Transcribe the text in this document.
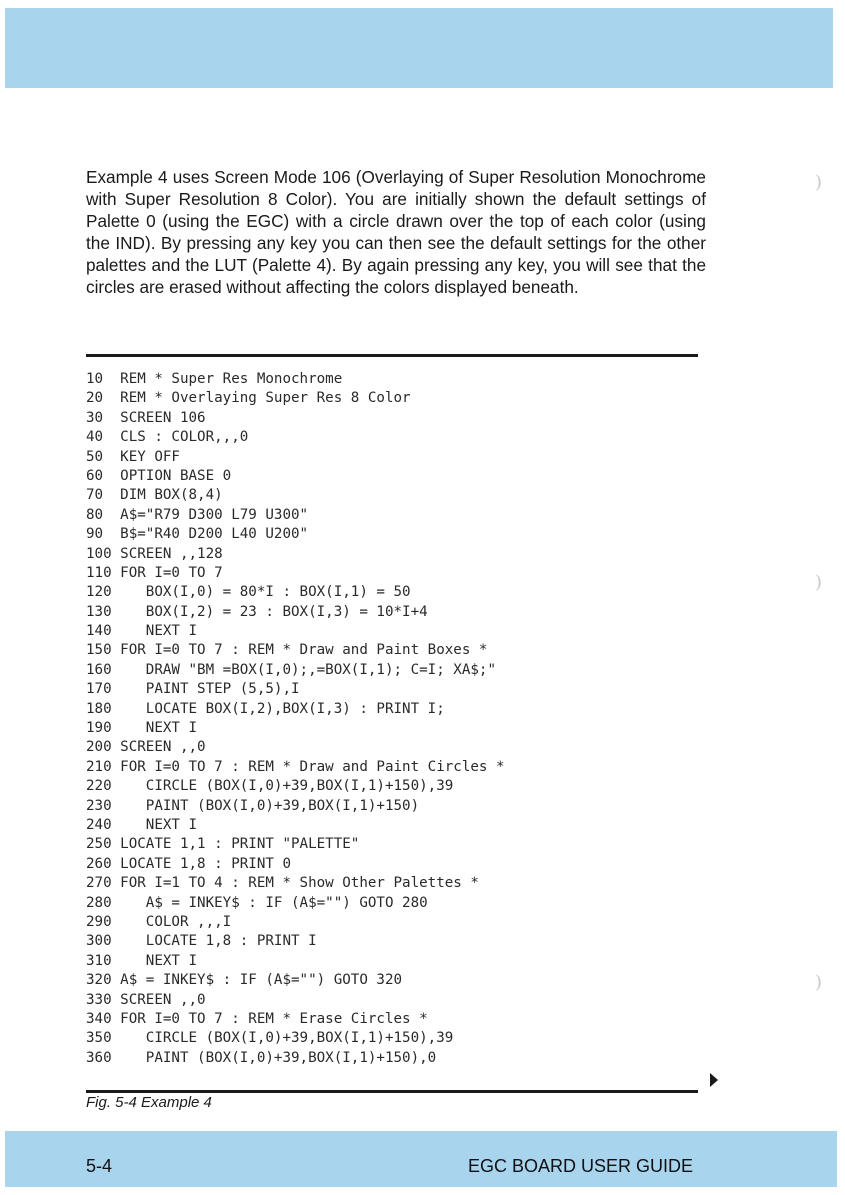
Example 4 uses Screen Mode 106 (Overlaying of Super Resolution Monochrome with Super Resolution 8 Color). You are initially shown the default settings of Palette 0 (using the EGC) with a circle drawn over the top of each color (using the IND). By pressing any key you can then see the default settings for the other palettes and the LUT (Palette 4). By again pressing any key, you will see that the circles are erased without affecting the colors displayed beneath.
10  REM * Super Res Monochrome
20  REM * Overlaying Super Res 8 Color
30  SCREEN 106
40  CLS : COLOR,,,0
50  KEY OFF
60  OPTION BASE 0
70  DIM BOX(8,4)
80  A$="R79 D300 L79 U300"
90  B$="R40 D200 L40 U200"
100 SCREEN ,,128
110 FOR I=0 TO 7
120    BOX(I,0) = 80*I : BOX(I,1) = 50
130    BOX(I,2) = 23 : BOX(I,3) = 10*I+4
140    NEXT I
150 FOR I=0 TO 7 : REM * Draw and Paint Boxes *
160    DRAW "BM =BOX(I,0);,=BOX(I,1); C=I; XA$;"
170    PAINT STEP (5,5),I
180    LOCATE BOX(I,2),BOX(I,3) : PRINT I;
190    NEXT I
200 SCREEN ,,0
210 FOR I=0 TO 7 : REM * Draw and Paint Circles *
220    CIRCLE (BOX(I,0)+39,BOX(I,1)+150),39
230    PAINT (BOX(I,0)+39,BOX(I,1)+150)
240    NEXT I
250 LOCATE 1,1 : PRINT "PALETTE"
260 LOCATE 1,8 : PRINT 0
270 FOR I=1 TO 4 : REM * Show Other Palettes *
280    A$ = INKEY$ : IF (A$="") GOTO 280
290    COLOR ,,,I
300    LOCATE 1,8 : PRINT I
310    NEXT I
320 A$ = INKEY$ : IF (A$="") GOTO 320
330 SCREEN ,,0
340 FOR I=0 TO 7 : REM * Erase Circles *
350    CIRCLE (BOX(I,0)+39,BOX(I,1)+150),39
360    PAINT (BOX(I,0)+39,BOX(I,1)+150),0
Fig. 5-4 Example 4
)
)
)
5-4	EGC BOARD USER GUIDE
